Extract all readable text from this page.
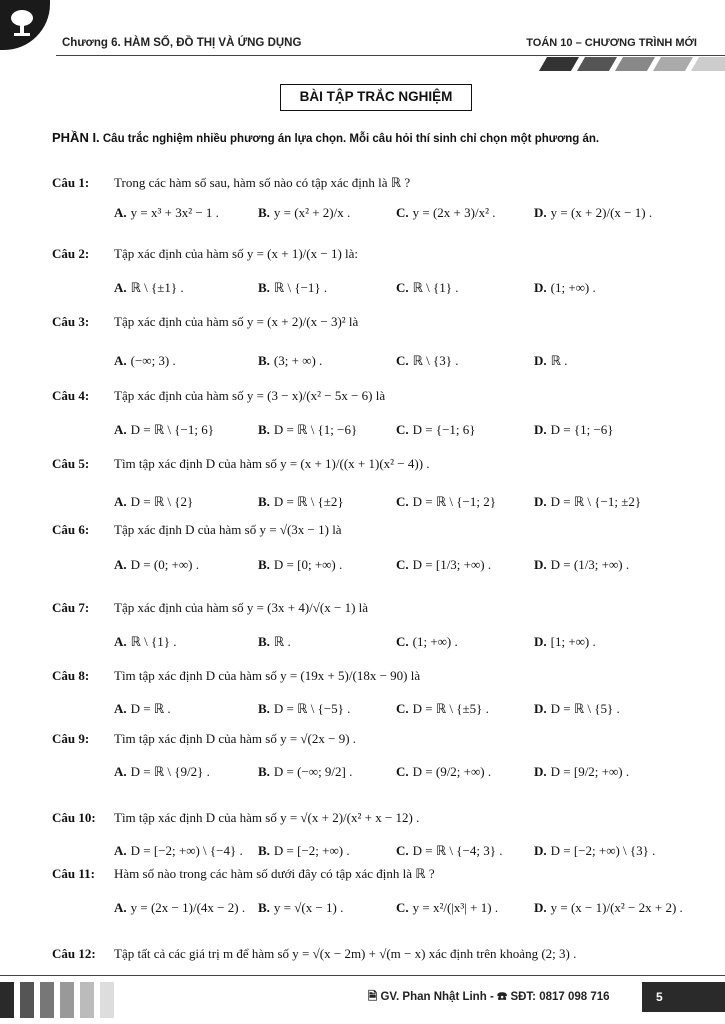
Chương 6. HÀM SỐ, ĐỒ THỊ VÀ ỨNG DỤNG	TOÁN 10 – CHƯƠNG TRÌNH MỚI
BÀI TẬP TRẮC NGHIỆM
PHẦN I. Câu trắc nghiệm nhiều phương án lựa chọn. Mỗi câu hỏi thí sinh chỉ chọn một phương án.
Câu 1: Trong các hàm số sau, hàm số nào có tập xác định là ℝ ?
A. y = x³ + 3x² − 1 .	B. y = (x² + 2)/x .	C. y = (2x + 3)/x² .	D. y = (x + 2)/(x − 1) .
Câu 2: Tập xác định của hàm số y = (x + 1)/(x − 1) là:
A. ℝ \ {±1} .	B. ℝ \ {−1} .	C. ℝ \ {1} .	D. (1; +∞) .
Câu 3: Tập xác định của hàm số y = (x + 2)/(x − 3)² là
A. (−∞; 3) .	B. (3; + ∞) .	C. ℝ \ {3} .	D. ℝ .
Câu 4: Tập xác định của hàm số y = (3 − x)/(x² − 5x − 6) là
A. D = ℝ \ {−1; 6}	B. D = ℝ \ {1; −6}	C. D = {−1; 6}	D. D = {1; −6}
Câu 5: Tìm tập xác định D của hàm số y = (x + 1)/((x + 1)(x² − 4)) .
A. D = ℝ \ {2}	B. D = ℝ \ {±2}	C. D = ℝ \ {−1; 2}	D. D = ℝ \ {−1; ±2}
Câu 6: Tập xác định D của hàm số y = √(3x − 1) là
A. D = (0; +∞) .	B. D = [0; +∞) .	C. D = [1/3; +∞) .	D. D = (1/3; +∞) .
Câu 7: Tập xác định của hàm số y = (3x + 4)/√(x − 1) là
A. ℝ \ {1} .	B. ℝ .	C. (1; +∞) .	D. [1; +∞) .
Câu 8: Tìm tập xác định D của hàm số y = (19x + 5)/(18x − 90) là
A. D = ℝ .	B. D = ℝ \ {−5} .	C. D = ℝ \ {±5} .	D. D = ℝ \ {5} .
Câu 9: Tìm tập xác định D của hàm số y = √(2x − 9) .
A. D = ℝ \ {9/2} .	B. D = (−∞; 9/2] .	C. D = (9/2; +∞) .	D. D = [9/2; +∞) .
Câu 10: Tìm tập xác định D của hàm số y = √(x + 2)/(x² + x − 12) .
A. D = [−2; +∞) \ {−4} . B. D = [−2; +∞) .	C. D = ℝ \ {−4; 3} . D. D = [−2; +∞) \ {3} .
Câu 11: Hàm số nào trong các hàm số dưới đây có tập xác định là ℝ ?
A. y = (2x − 1)/(4x − 2) . B. y = √(x − 1) .	C. y = x²/(|x³| + 1) .	D. y = (x − 1)/(x² − 2x + 2) .
Câu 12: Tập tất cả các giá trị m để hàm số y = √(x − 2m) + √(m − x) xác định trên khoảng (2; 3) .
🗎 GV. Phan Nhật Linh - ☎ SĐT: 0817 098 716	5
